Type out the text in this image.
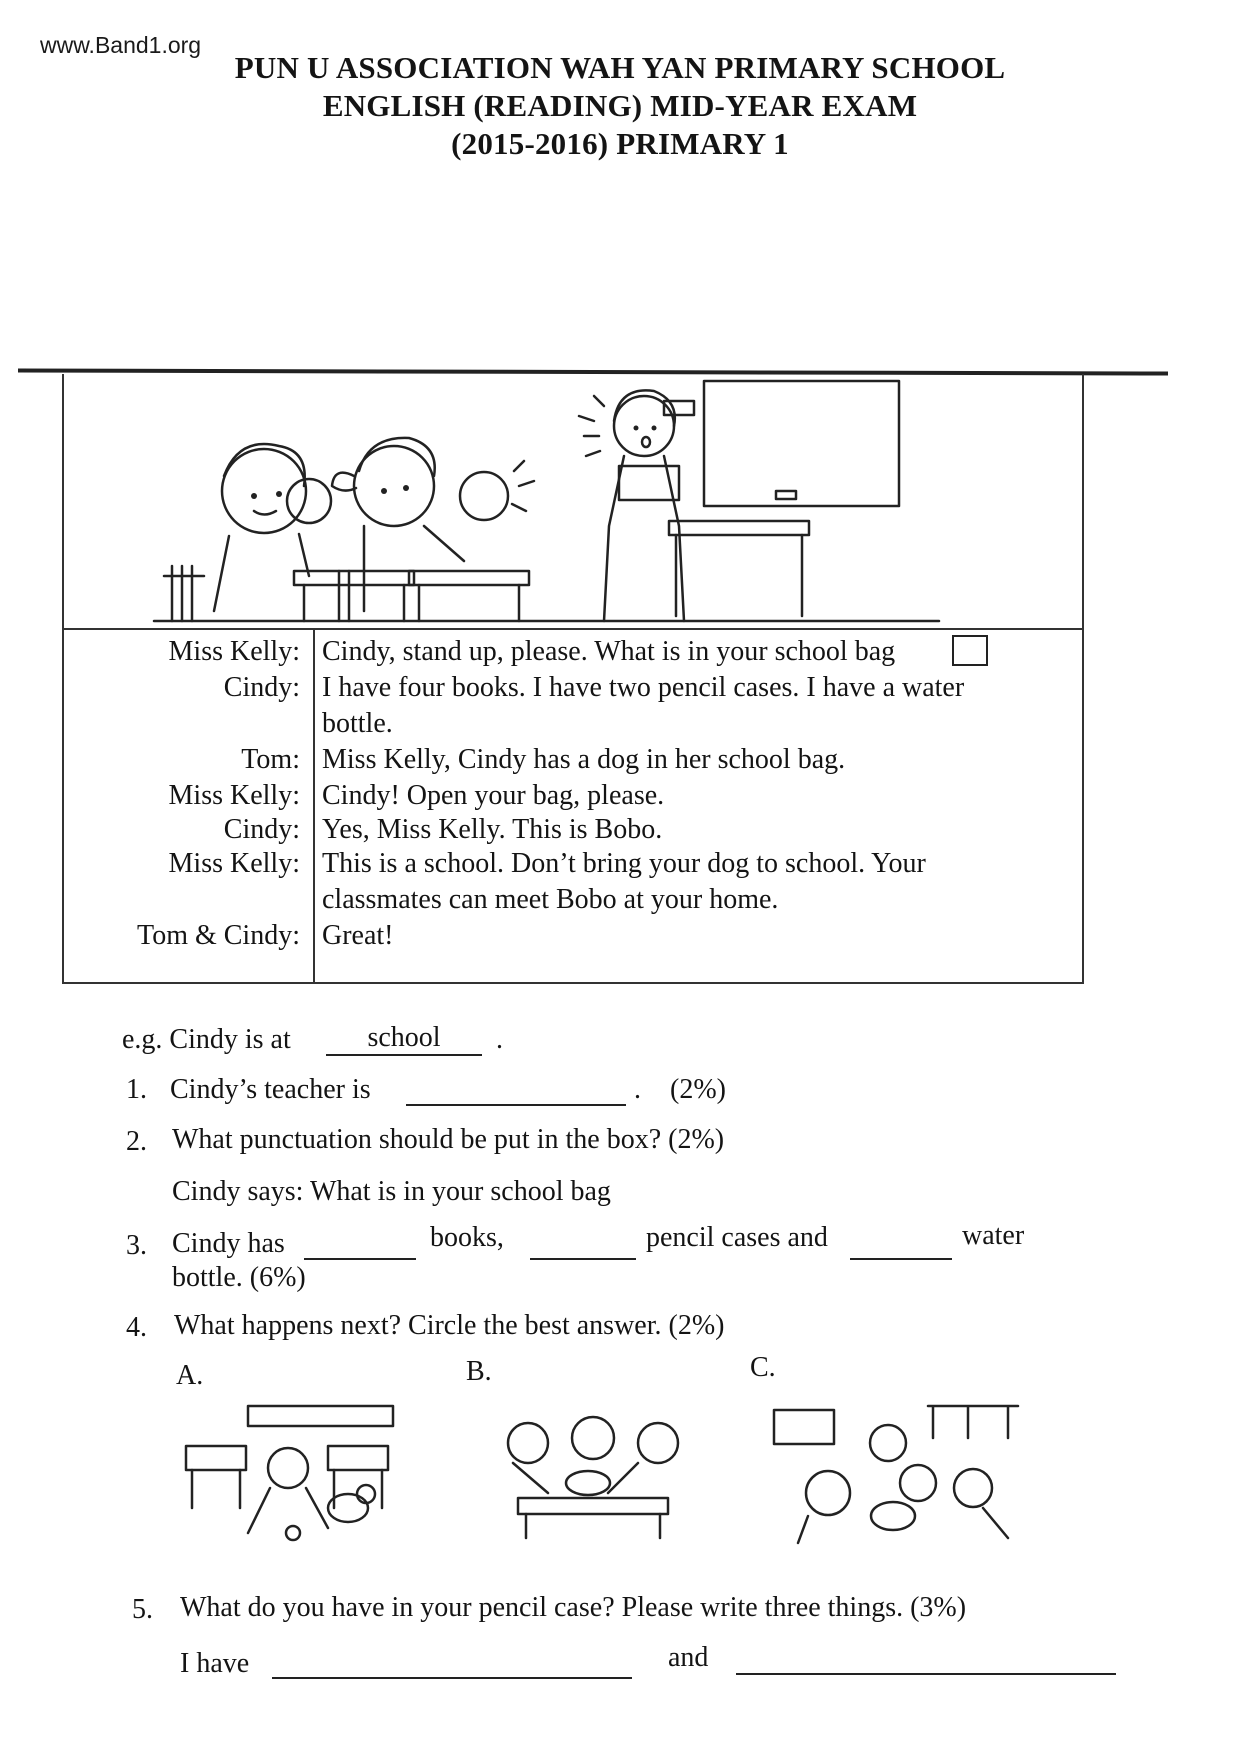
www.Band1.org
PUN U ASSOCIATION WAH YAN PRIMARY SCHOOL
ENGLISH (READING) MID-YEAR EXAM
(2015-2016) PRIMARY 1
Miss Kelly: Cindy, stand up, please. What is in your school bag
Cindy: I have four books. I have two pencil cases. I have a water
bottle.
Tom: Miss Kelly, Cindy has a dog in her school bag.
Miss Kelly: Cindy! Open your bag, please.
Cindy: Yes, Miss Kelly. This is Bobo.
Miss Kelly: This is a school. Don’t bring your dog to school. Your
classmates can meet Bobo at your home.
Tom & Cindy: Great!
e.g. Cindy is at	school	.
1. Cindy’s teacher is	. (2%)
2. What punctuation should be put in the box? (2%)
Cindy says: What is in your school bag
3. Cindy has	books,	pencil cases and	water
bottle. (6%)
4. What happens next? Circle the best answer. (2%)
A.	B.	C.
5. What do you have in your pencil case? Please write three things. (3%)
I have	and
